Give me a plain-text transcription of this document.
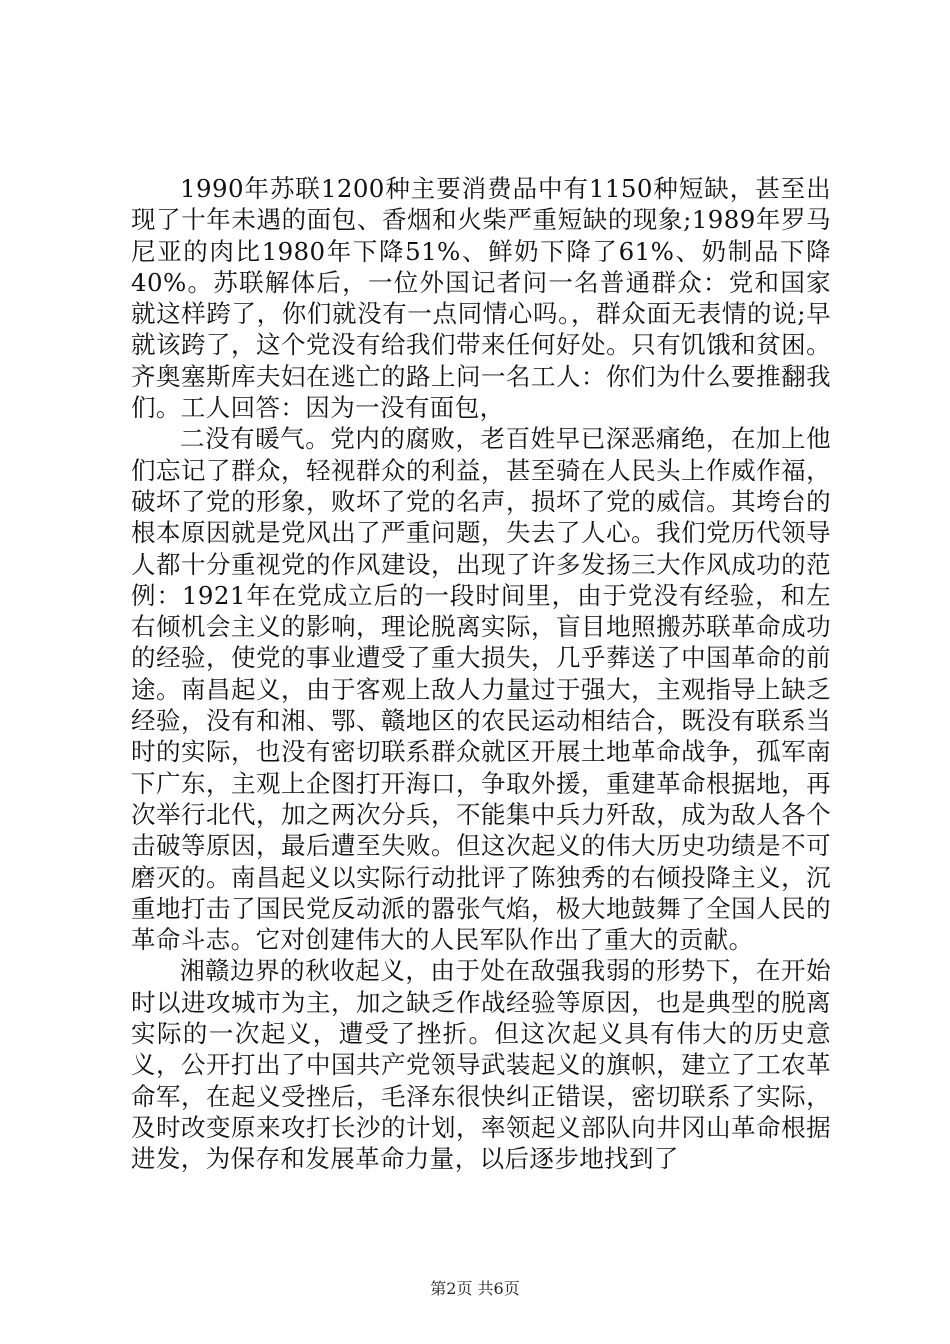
1990年苏联1200种主要消费品中有1150种短缺，甚至出现了十年未遇的面包、香烟和火柴严重短缺的现象;1989年罗马尼亚的肉比1980年下降51%、鲜奶下降了61%、奶制品下降40%。苏联解体后，一位外国记者问一名普通群众：党和国家就这样跨了，你们就没有一点同情心吗。，群众面无表情的说;早就该跨了，这个党没有给我们带来任何好处。只有饥饿和贫困。齐奥塞斯库夫妇在逃亡的路上问一名工人：你们为什么要推翻我们。工人回答：因为一没有面包，

二没有暖气。党内的腐败，老百姓早已深恶痛绝，在加上他们忘记了群众，轻视群众的利益，甚至骑在人民头上作威作福，破坏了党的形象，败坏了党的名声，损坏了党的威信。其垮台的根本原因就是党风出了严重问题，失去了人心。我们党历代领导人都十分重视党的作风建设，出现了许多发扬三大作风成功的范例：1921年在党成立后的一段时间里，由于党没有经验，和左右倾机会主义的影响，理论脱离实际，盲目地照搬苏联革命成功的经验，使党的事业遭受了重大损失，几乎葬送了中国革命的前途。南昌起义，由于客观上敌人力量过于强大，主观指导上缺乏经验，没有和湘、鄂、赣地区的农民运动相结合，既没有联系当时的实际，也没有密切联系群众就区开展土地革命战争，孤军南下广东，主观上企图打开海口，争取外援，重建革命根据地，再次举行北代，加之两次分兵，不能集中兵力歼敌，成为敌人各个击破等原因，最后遭至失败。但这次起义的伟大历史功绩是不可磨灭的。南昌起义以实际行动批评了陈独秀的右倾投降主义，沉重地打击了国民党反动派的嚣张气焰，极大地鼓舞了全国人民的革命斗志。它对创建伟大的人民军队作出了重大的贡献。

湘赣边界的秋收起义，由于处在敌强我弱的形势下，在开始时以进攻城市为主，加之缺乏作战经验等原因，也是典型的脱离实际的一次起义，遭受了挫折。但这次起义具有伟大的历史意义，公开打出了中国共产党领导武装起义的旗帜，建立了工农革命军，在起义受挫后，毛泽东很快纠正错误，密切联系了实际，及时改变原来攻打长沙的计划，率领起义部队向井冈山革命根据进发，为保存和发展革命力量，以后逐步地找到了

第2页 共6页
